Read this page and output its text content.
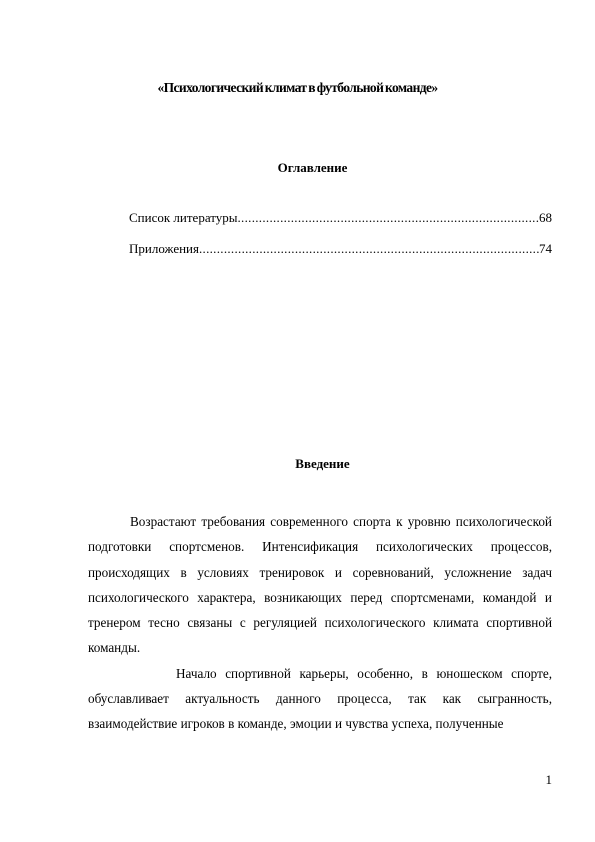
«Психологический климат в футбольной команде»
Оглавление
Список литературы .....	68
Приложения .....	74
Введение

Возрастают требования современного спорта к уровню психологической подготовки спортсменов. Интенсификация психологических процессов, происходящих в условиях тренировок и соревнований, усложнение задач психологического характера, возникающих перед спортсменами, командой и тренером тесно связаны с регуляцией психологического климата спортивной команды.

Начало спортивной карьеры, особенно, в юношеском спорте, обуславливает актуальность данного процесса, так как сыгранность, взаимодействие игроков в команде, эмоции и чувства успеха, полученные

1
